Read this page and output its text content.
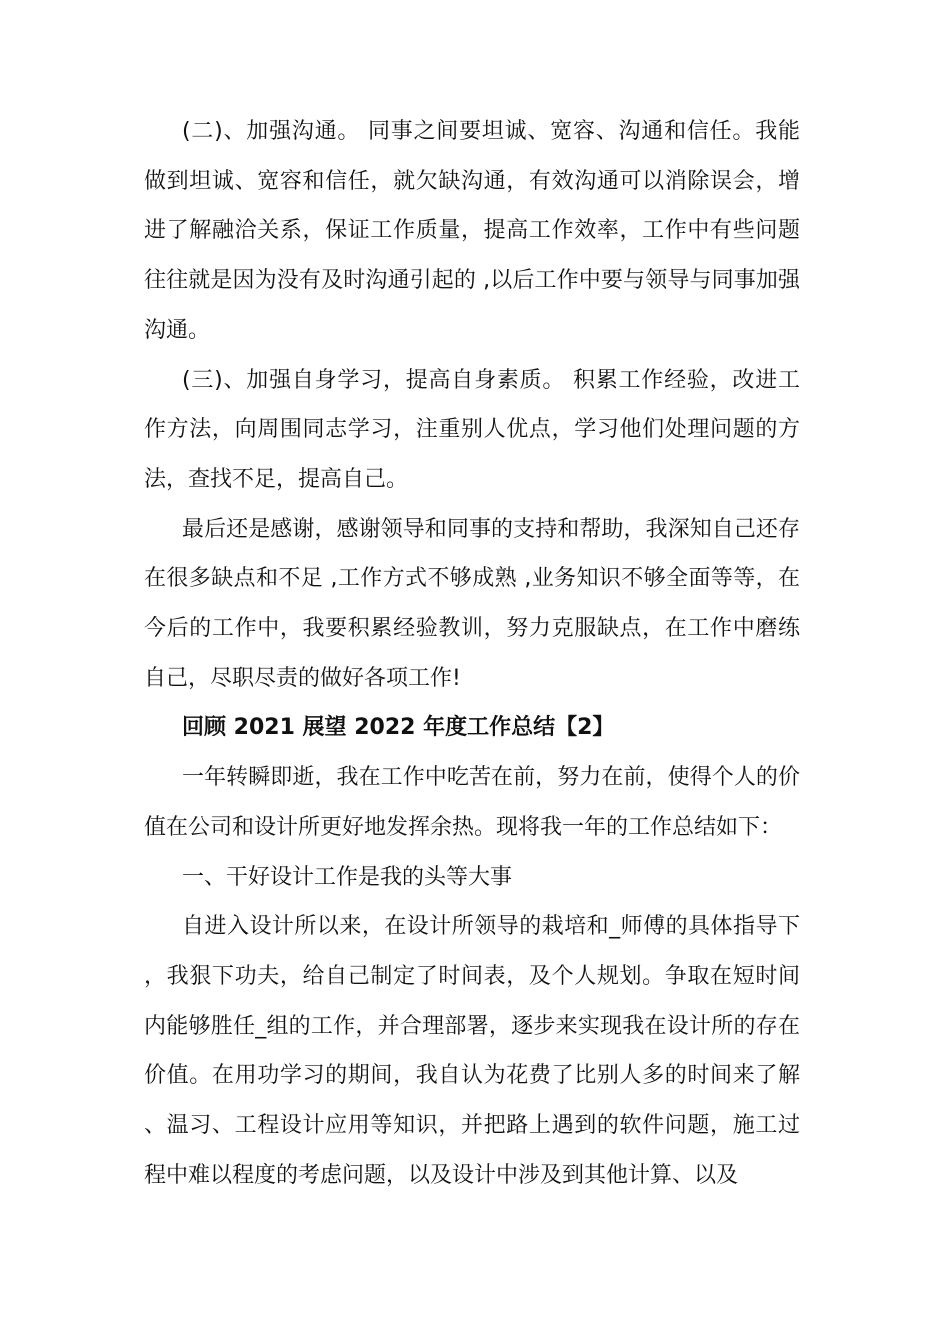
(二)、加强沟通。 同事之间要坦诚、宽容、沟通和信任。我能做到坦诚、宽容和信任，就欠缺沟通，有效沟通可以消除误会，增进了解融洽关系，保证工作质量，提高工作效率，工作中有些问题往往就是因为没有及时沟通引起的 ,以后工作中要与领导与同事加强沟通。

(三)、加强自身学习，提高自身素质。 积累工作经验，改进工作方法，向周围同志学习，注重别人优点，学习他们处理问题的方法，查找不足，提高自己。

最后还是感谢，感谢领导和同事的支持和帮助，我深知自己还存在很多缺点和不足 ,工作方式不够成熟 ,业务知识不够全面等等，在今后的工作中，我要积累经验教训，努力克服缺点，在工作中磨练自己，尽职尽责的做好各项工作!

回顾 2021 展望 2022 年度工作总结【2】

一年转瞬即逝，我在工作中吃苦在前，努力在前，使得个人的价值在公司和设计所更好地发挥余热。现将我一年的工作总结如下：

一、干好设计工作是我的头等大事

自进入设计所以来，在设计所领导的栽培和_师傅的具体指导下，我狠下功夫，给自己制定了时间表，及个人规划。争取在短时间内能够胜任_组的工作，并合理部署，逐步来实现我在设计所的存在价值。在用功学习的期间，我自认为花费了比别人多的时间来了解、温习、工程设计应用等知识，并把路上遇到的软件问题，施工过程中难以程度的考虑问题，以及设计中涉及到其他计算、以及
